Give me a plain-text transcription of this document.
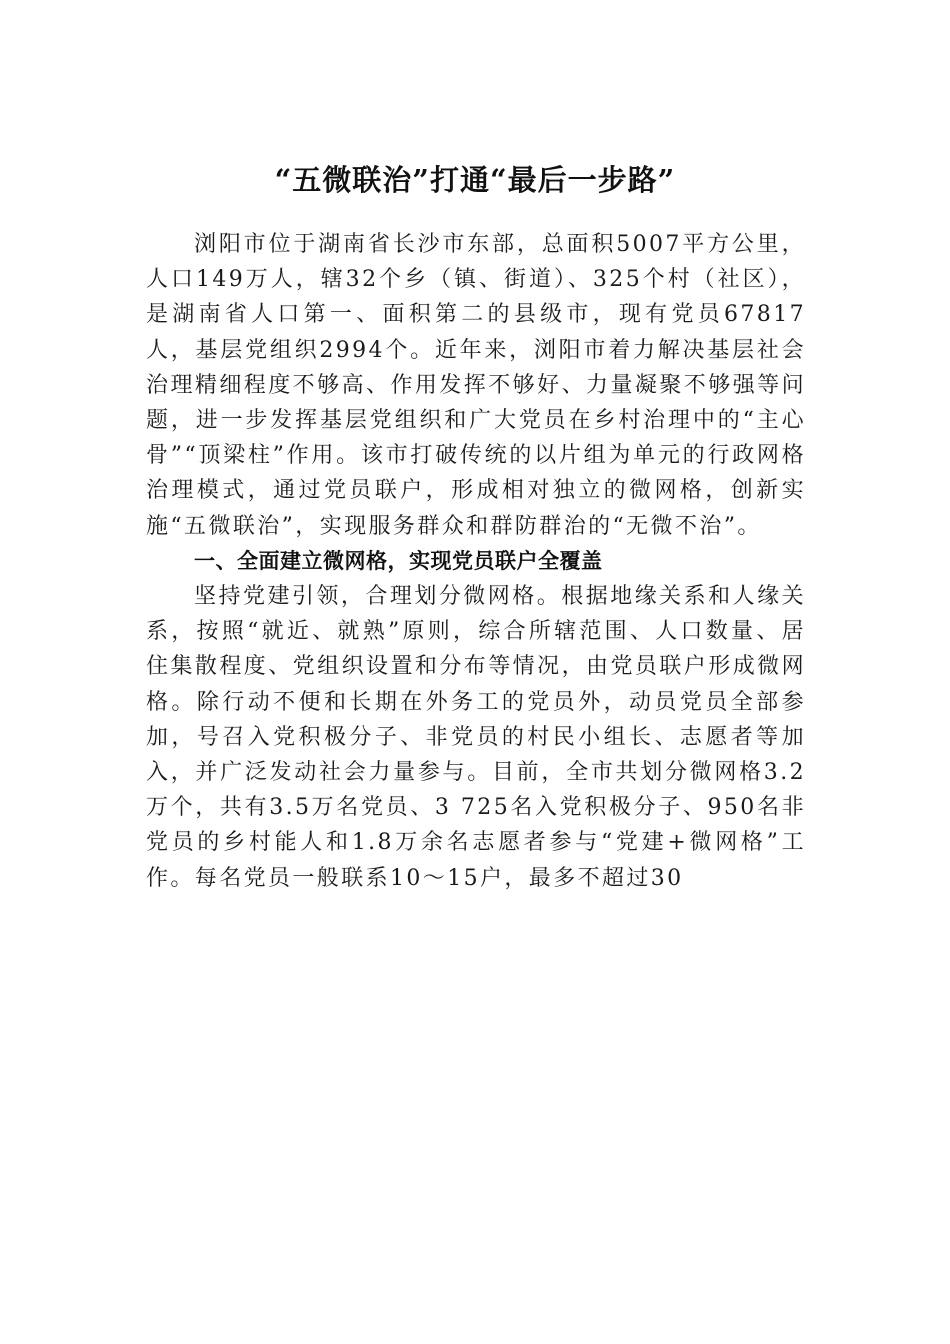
“五微联治”打通“最后一步路”

浏阳市位于湖南省长沙市东部，总面积5007平方公里，人口149万人，辖32个乡（镇、街道）、325个村（社区），是湖南省人口第一、面积第二的县级市，现有党员67817人，基层党组织2994个。近年来，浏阳市着力解决基层社会治理精细程度不够高、作用发挥不够好、力量凝聚不够强等问题，进一步发挥基层党组织和广大党员在乡村治理中的“主心骨”“顶梁柱”作用。该市打破传统的以片组为单元的行政网格治理模式，通过党员联户，形成相对独立的微网格，创新实施“五微联治”，实现服务群众和群防群治的“无微不治”。

一、全面建立微网格，实现党员联户全覆盖

坚持党建引领，合理划分微网格。根据地缘关系和人缘关系，按照“就近、就熟”原则，综合所辖范围、人口数量、居住集散程度、党组织设置和分布等情况，由党员联户形成微网格。除行动不便和长期在外务工的党员外，动员党员全部参加，号召入党积极分子、非党员的村民小组长、志愿者等加入，并广泛发动社会力量参与。目前，全市共划分微网格3.2万个，共有3.5万名党员、3 725名入党积极分子、950名非党员的乡村能人和1.8万余名志愿者参与“党建+微网格”工作。每名党员一般联系10～15户，最多不超过30
